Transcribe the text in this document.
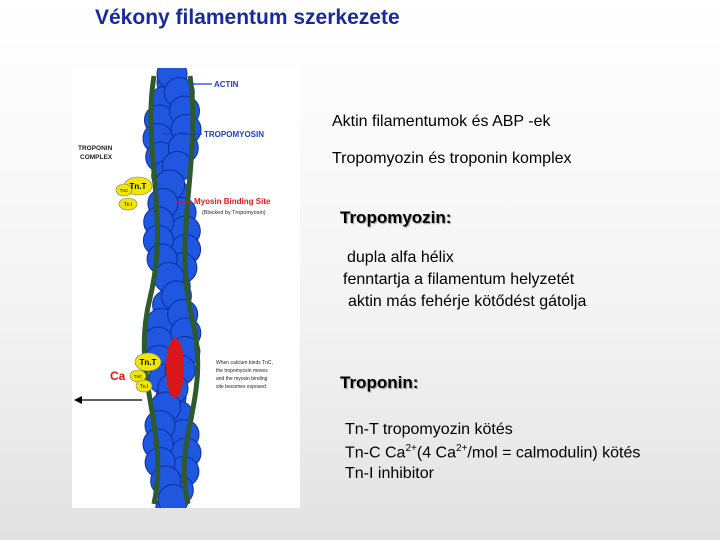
Vékony filamentum szerkezete
Tn.T
TnC
Tn.I
Tn.T
TnC
Tn.I
ACTIN
TROPOMYOSIN
TROPONIN
COMPLEX
Myosin Binding Site
(Blocked by Tropomyosin)
Ca
When calcium binds TnC,
the tropomyosin moves
and the myosin binding
site becomes exposed.
Aktin filamentumok és ABP -ek
Tropomyozin és troponin komplex
Tropomyozin:
dupla alfa hélix
fenntartja a filamentum helyzetét
aktin más fehérje kötődést gátolja
Troponin:
Tn-T tropomyozin kötés
Tn-C $Ca^{2+}(4$ $Ca^{2+}$/mol = calmodulin) kötés
Tn-I inhibitor
